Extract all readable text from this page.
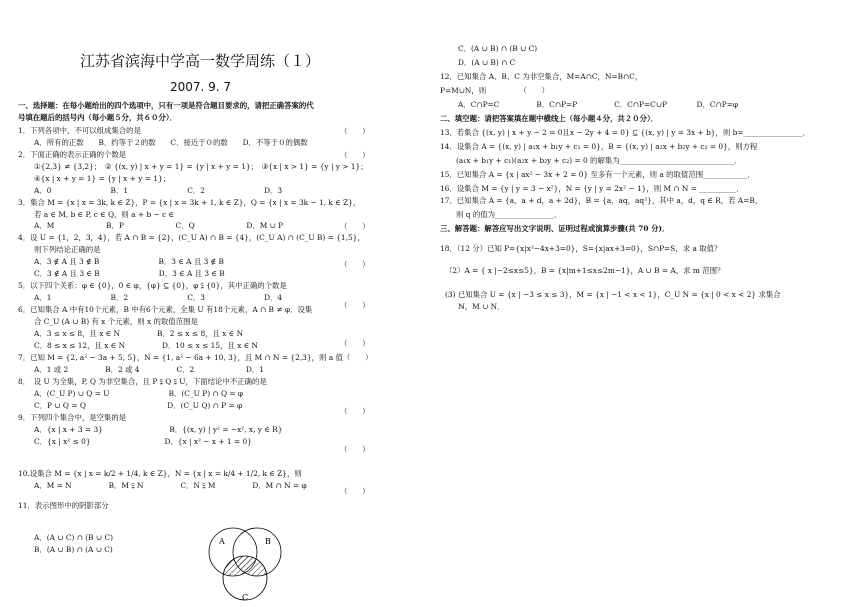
江苏省滨海中学高一数学周练（１）
2007. 9. 7
一、选择题：在每小题给出的四个选项中，只有一项是符合题目要求的，请把正确答案的代
号填在题后的括号内（每小题５分，共６０分）．
1．下列各项中，不可以组成集合的是
A．所有的正数　　B．约等于２的数　　C．接近于０的数　　D．不等于０的偶数
2．下面正确的表示正确的个数是
①{2,3} ≠ {3,2}；　② {(x, y) | x + y = 1} = {y | x + y = 1}；　③{x | x > 1} = {y | y > 1}；
④{x | x + y = 1} = {y | x + y = 1}；
A．0　　　　　　　　B．1　　　　　　　　C．2　　　　　　　　D．3
3．集合 M = {x | x = 3k, k ∈ Z}，P = {x | x = 3k + 1, k ∈ Z}，Q = {x | x = 3k − 1, k ∈ Z}，
若 a ∈ M, b ∈ P, c ∈ Q，则 a + b − c ∈
A．M　　　　　　　B．P　　　　　　　C．Q　　　　　　　D．M ∪ P
4．设 U = {1，2，3，4}，若 A ∩ B = {2}，(C_U A) ∩ B = {4}，(C_U A) ∩ (C_U B) = {1,5}，
则下列结论正确的是
A．3 ∉ A 且 3 ∉ B　　　　　　　　B．3 ∈ A 且 3 ∉ B
C．3 ∉ A 且 3 ∈ B　　　　　　　　D．3 ∈ A 且 3 ∈ B
5．以下四个关系：φ ∈ {0}，0 ∈ φ，{φ} ⊆ {0}，φ ⫋ {0}，其中正确的个数是
A．1　　　　　　　　B．2　　　　　　　　C．3　　　　　　　　D．4
6．已知集合 A 中有10个元素，B 中有6个元素，全集 U 有18个元素，A ∩ B ≠ φ．设集
合 C_U (A ∪ B) 有 x 个元素，则 x 的取值范围是
A．3 ≤ x ≤ 8，且 x ∈ N　　　　　B．2 ≤ x ≤ 8，且 x ∈ N
C．8 ≤ x ≤ 12，且 x ∈ N　　　　　D．10 ≤ x ≤ 15，且 x ∈ N
7．已知 M = {2, a² − 3a + 5, 5}，N = {1, a² − 6a + 10, 3}，且 M ∩ N = {2,3}，则 a 值（　　）
A．1 或 2　　　　　B．2 或 4　　　　　C．2　　　　　　　D．1
8．　设 U 为全集，P, Q 为非空集合，且 P ⫋ Q ⫋ U，下面结论中不正确的是
A．(C_U P) ∪ Q = U　　　　　　　　B．(C_U P) ∩ Q = φ
C．P ∪ Q = Q　　　　　　　　　　　D．(C_U Q) ∩ P = φ
9．下列四个集合中，是空集的是
A．{x | x + 3 = 3}　　　　　　　　　B．{(x, y) | y² = −x², x, y ∈ R}
C．{x | x² ≤ 0}　　　　　　　　　　D．{x | x² − x + 1 = 0}
10.设集合 M = {x | x = k/2 + 1/4, k ∈ Z}，N = {x | x = k/4 + 1/2, k ∈ Z}，则
A．M = N　　　　　B．M ⫋ N　　　　　C．N ⫋ M　　　　　D．M ∩ N = φ
11．表示图形中的阴影部分
A．(A ∪ C) ∩ (B ∪ C)
B．(A ∪ B) ∩ (A ∪ C)
C．(A ∪ B) ∩ (B ∪ C)
D．(A ∪ B) ∩ C
12．已知集合 A、B、C 为非空集合，M=A∩C，N=B∩C，
P=M∪N，则　　　　　（　　）
A．C∩P=C　　　　　B．C∩P=P　　　　　C．C∩P=C∪P　　　　D．C∩P=φ
二、填空题：请把答案填在题中横线上（每小题４分，共２０分）．
13．若集合 {(x, y) | x + y − 2 = 0且x − 2y + 4 = 0} ⊆ {(x, y) | y = 3x + b}，则 b=________________．
14．设集合 A = {(x, y) | a₁x + b₁y + c₁ = 0}，B = {(x, y) | a₂x + b₂y + c₂ = 0}，则方程
(a₁x + b₁y + c₁)(a₂x + b₂y + c₂) = 0 的解集为_______________________________．
15．已知集合 A = {x | ax² − 3x + 2 = 0} 至多有一个元素，则 a 的取值范围____________．
16．设集合 M = {y | y = 3 − x²}，N = {y | y = 2x² − 1}，则 M ∩ N = __________．
17．已知集合 A = {a，a + d，a + 2d}，B = {a，aq，aq²}，其中 a，d，q ∈ R，若 A=B，
则 q 的值为________________．
三、解答题：解答应写出文字说明、证明过程或演算步骤(共 70 分)．
18．（12 分）已知 P={x|x²−4x+3=0}，S={x|ax+3=0}，S∩P=S，求 a 取值？
（2）A = { x |−2≤x≤5}，B = {x|m+1≤x≤2m−1}，A ∪ B = A，求 m 范围？
(3) 已知集合 U = {x | −3 ≤ x ≤ 3}，M = {x | −1 < x < 1}，C_U N = {x | 0 < x < 2} 求集合
ℕ，M ∪ N．
（　　）
（　　）
（　　）
（　　）
（　　）
（　　）
（　　）
（　　）
（　　）
A	B
C
